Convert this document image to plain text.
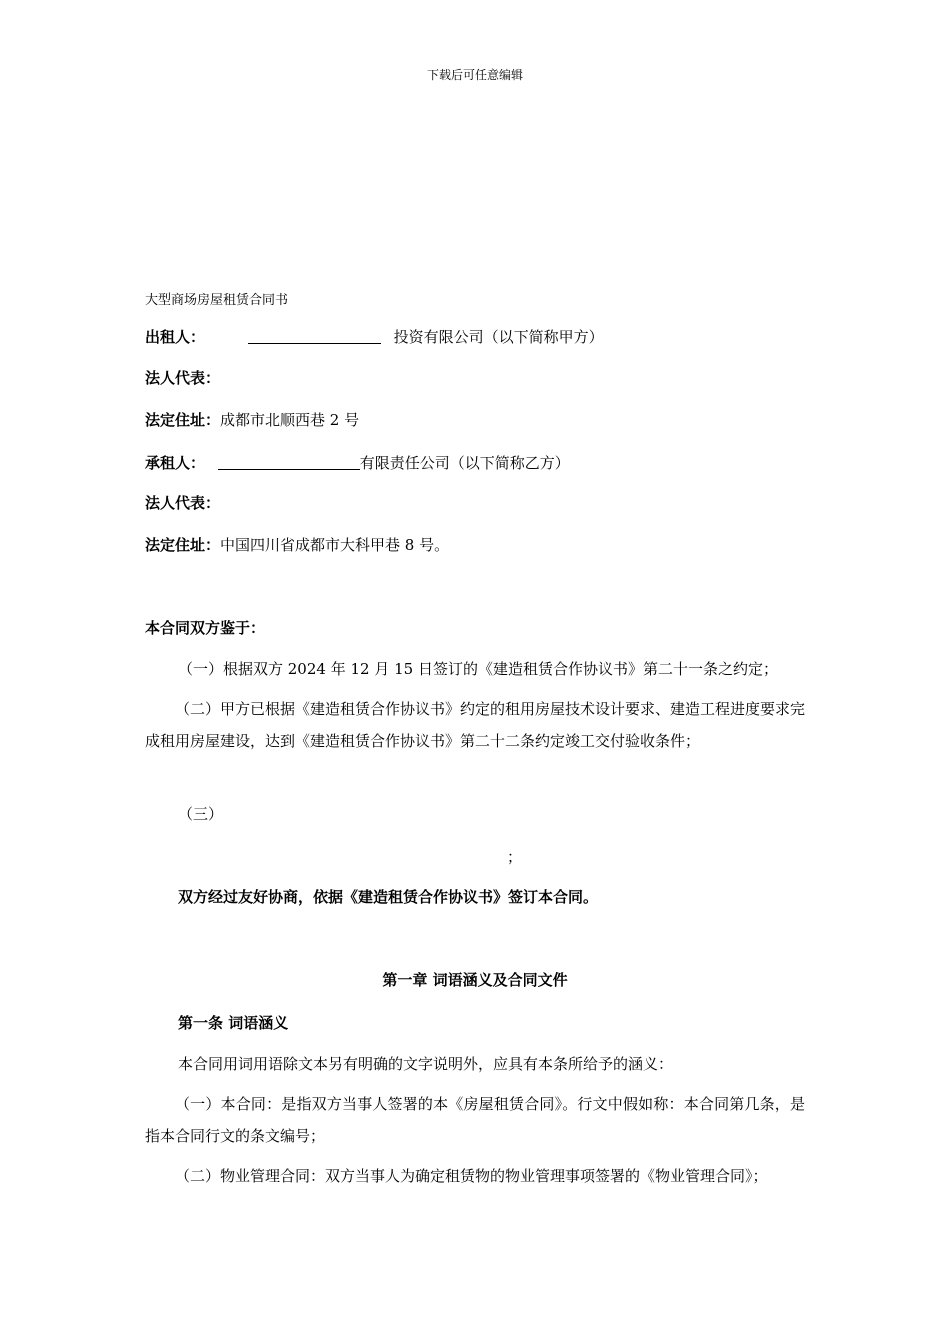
下载后可任意编辑
大型商场房屋租赁合同书
出租人：	投资有限公司（以下简称甲方）
法人代表：
法定住址：成都市北顺西巷 2 号
承租人：	有限责任公司（以下简称乙方）
法人代表：
法定住址：中国四川省成都市大科甲巷 8 号。
本合同双方鉴于：
（一）根据双方 2024 年 12 月 15 日签订的《建造租赁合作协议书》第二十一条之约定；
（二）甲方已根据《建造租赁合作协议书》约定的租用房屋技术设计要求、建造工程进度要求完成租用房屋建设，达到《建造租赁合作协议书》第二十二条约定竣工交付验收条件；
（三）
；
双方经过友好协商，依据《建造租赁合作协议书》签订本合同。
第一章 词语涵义及合同文件
第一条 词语涵义
本合同用词用语除文本另有明确的文字说明外，应具有本条所给予的涵义：
（一）本合同：是指双方当事人签署的本《房屋租赁合同》。行文中假如称：本合同第几条，是指本合同行文的条文编号；
（二）物业管理合同：双方当事人为确定租赁物的物业管理事项签署的《物业管理合同》；
